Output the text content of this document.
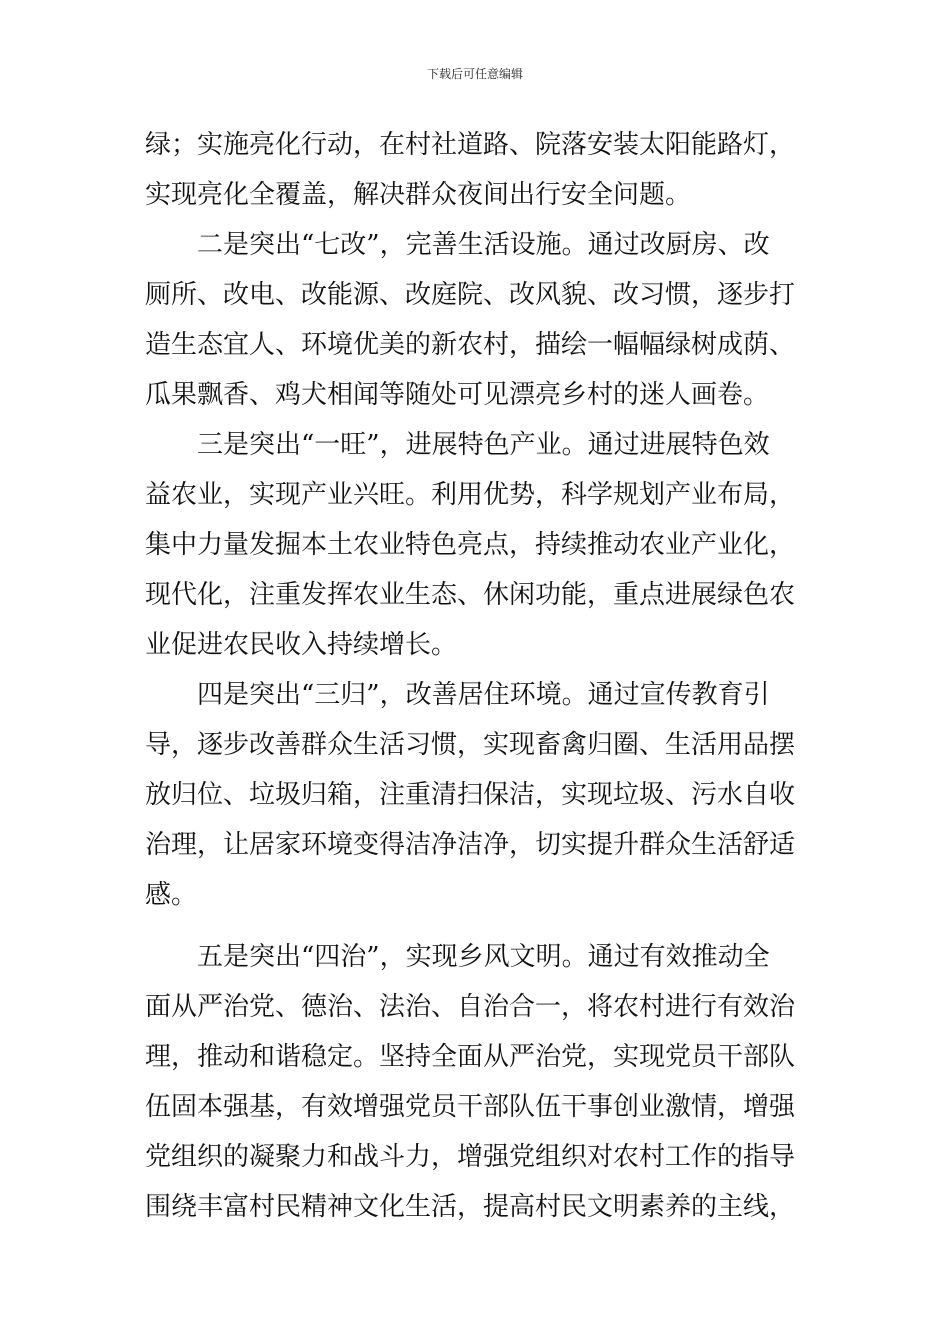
下载后可任意编辑
绿；实施亮化行动，在村社道路、院落安装太阳能路灯，
实现亮化全覆盖，解决群众夜间出行安全问题。
　　二是突出“七改”，完善生活设施。通过改厨房、改
厕所、改电、改能源、改庭院、改风貌、改习惯，逐步打
造生态宜人、环境优美的新农村，描绘一幅幅绿树成荫、
瓜果飘香、鸡犬相闻等随处可见漂亮乡村的迷人画卷。
　　三是突出“一旺”，进展特色产业。通过进展特色效
益农业，实现产业兴旺。利用优势，科学规划产业布局，
集中力量发掘本土农业特色亮点，持续推动农业产业化，
现代化，注重发挥农业生态、休闲功能，重点进展绿色农
业促进农民收入持续增长。
　　四是突出“三归”，改善居住环境。通过宣传教育引
导，逐步改善群众生活习惯，实现畜禽归圈、生活用品摆
放归位、垃圾归箱，注重清扫保洁，实现垃圾、污水自收
治理，让居家环境变得洁净洁净，切实提升群众生活舒适
感。
　　五是突出“四治”，实现乡风文明。通过有效推动全
面从严治党、德治、法治、自治合一，将农村进行有效治
理，推动和谐稳定。坚持全面从严治党，实现党员干部队
伍固本强基，有效增强党员干部队伍干事创业激情，增强
党组织的凝聚力和战斗力，增强党组织对农村工作的指导
围绕丰富村民精神文化生活，提高村民文明素养的主线，
